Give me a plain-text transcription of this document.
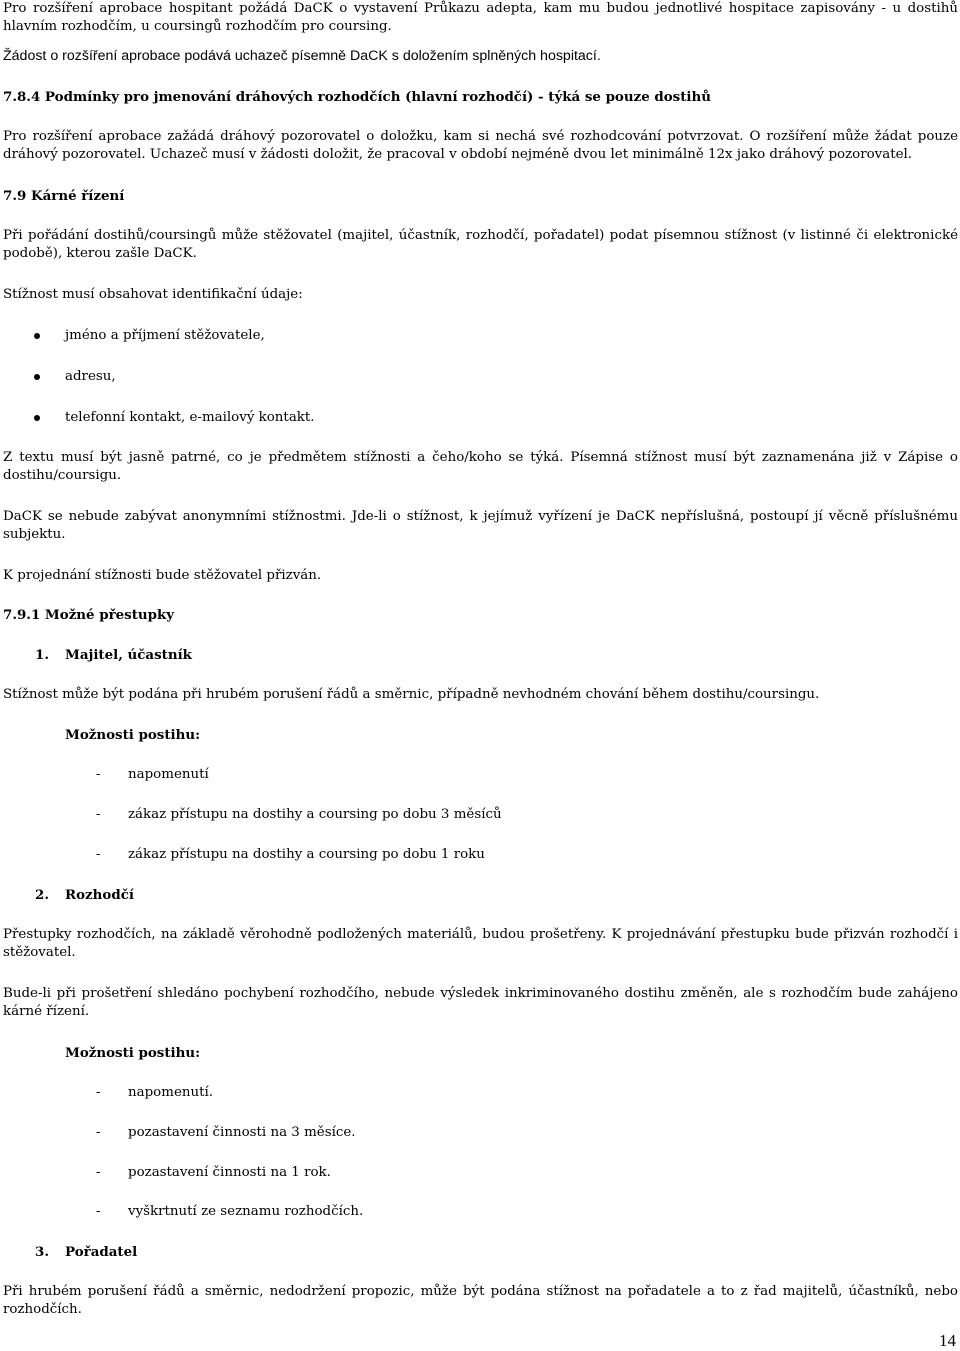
Pro rozšíření aprobace hospitant požádá DaCK o vystavení Průkazu adepta, kam mu budou jednotlivé hospitace zapisovány - u dostihů hlavním rozhodčím, u coursingů rozhodčím pro coursing.
Žádost o rozšíření aprobace podává uchazeč písemně DaCK s doložením splněných hospitací.
7.8.4 Podmínky pro jmenování dráhových rozhodčích (hlavní rozhodčí) - týká se pouze dostihů
Pro rozšíření aprobace zažádá dráhový pozorovatel o doložku, kam si nechá své rozhodcování potvrzovat. O rozšíření může žádat pouze dráhový pozorovatel. Uchazeč musí v žádosti doložit, že pracoval v období nejméně dvou let minimálně 12x jako dráhový pozorovatel.
7.9 Kárné řízení
Při pořádání dostihů/coursingů může stěžovatel (majitel, účastník, rozhodčí, pořadatel) podat písemnou stížnost (v listinné či elektronické podobě), kterou zašle DaCK.
Stížnost musí obsahovat identifikační údaje:
jméno a příjmení stěžovatele,
adresu,
telefonní kontakt, e-mailový kontakt.
Z textu musí být jasně patrné, co je předmětem stížnosti a čeho/koho se týká. Písemná stížnost musí být zaznamenána již v Zápise o dostihu/coursigu.
DaCK se nebude zabývat anonymními stížnostmi. Jde-li o stížnost, k jejímuž vyřízení je DaCK nepříslušná, postoupí jí věcně příslušnému subjektu.
K projednání stížnosti bude stěžovatel přizván.
7.9.1 Možné přestupky
1. Majitel, účastník
Stížnost může být podána při hrubém porušení řádů a směrnic, případně nevhodném chování během dostihu/coursingu.
Možnosti postihu:
- napomenutí
- zákaz přístupu na dostihy a coursing po dobu 3 měsíců
- zákaz přístupu na dostihy a coursing po dobu 1 roku
2. Rozhodčí
Přestupky rozhodčích, na základě věrohodně podložených materiálů, budou prošetřeny. K projednávání přestupku bude přizván rozhodčí i stěžovatel.
Bude-li při prošetření shledáno pochybení rozhodčího, nebude výsledek inkriminovaného dostihu změněn, ale s rozhodčím bude zahájeno kárné řízení.
Možnosti postihu:
- napomenutí.
- pozastavení činnosti na 3 měsíce.
- pozastavení činnosti na 1 rok.
- vyškrtnutí ze seznamu rozhodčích.
3. Pořadatel
Při hrubém porušení řádů a směrnic, nedodržení propozic, může být podána stížnost na pořadatele a to z řad majitelů, účastníků, nebo rozhodčích.
14
